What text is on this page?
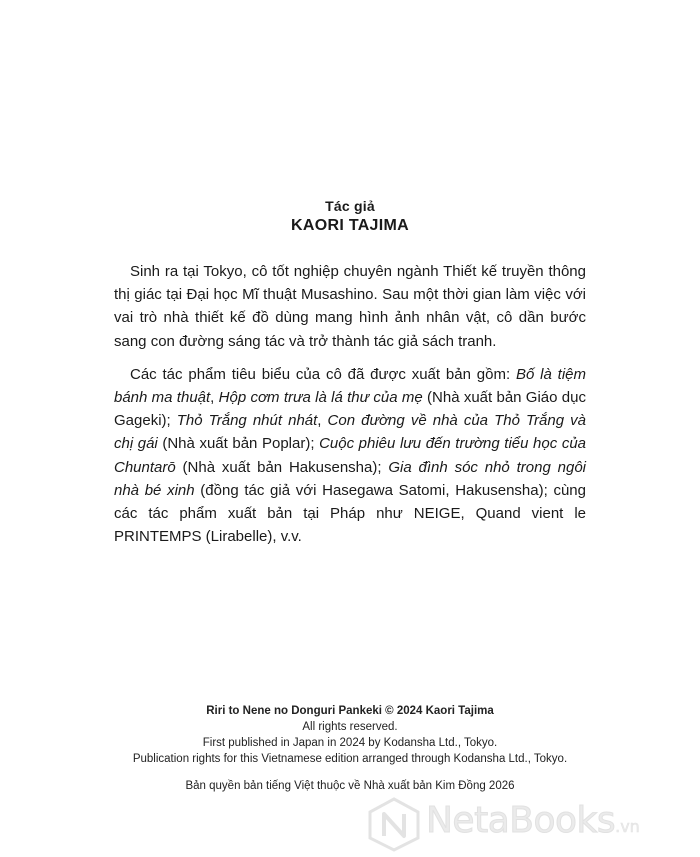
Tác giả
KAORI TAJIMA

Sinh ra tại Tokyo, cô tốt nghiệp chuyên ngành Thiết kế truyền thông thị giác tại Đại học Mĩ thuật Musashino. Sau một thời gian làm việc với vai trò nhà thiết kế đồ dùng mang hình ảnh nhân vật, cô dần bước sang con đường sáng tác và trở thành tác giả sách tranh.

Các tác phẩm tiêu biểu của cô đã được xuất bản gồm: Bố là tiệm bánh ma thuật, Hộp cơm trưa là lá thư của mẹ (Nhà xuất bản Giáo dục Gageki); Thỏ Trắng nhút nhát, Con đường về nhà của Thỏ Trắng và chị gái (Nhà xuất bản Poplar); Cuộc phiêu lưu đến trường tiểu học của Chuntarō (Nhà xuất bản Hakusensha); Gia đình sóc nhỏ trong ngôi nhà bé xinh (đồng tác giả với Hasegawa Satomi, Hakusensha); cùng các tác phẩm xuất bản tại Pháp như NEIGE, Quand vient le PRINTEMPS (Lirabelle), v.v.

Riri to Nene no Donguri Pankeki © 2024 Kaori Tajima
All rights reserved.
First published in Japan in 2024 by Kodansha Ltd., Tokyo.
Publication rights for this Vietnamese edition arranged through Kodansha Ltd., Tokyo.
Bản quyền bản tiếng Việt thuộc về Nhà xuất bản Kim Đồng 2026
NetaBooks.vn
